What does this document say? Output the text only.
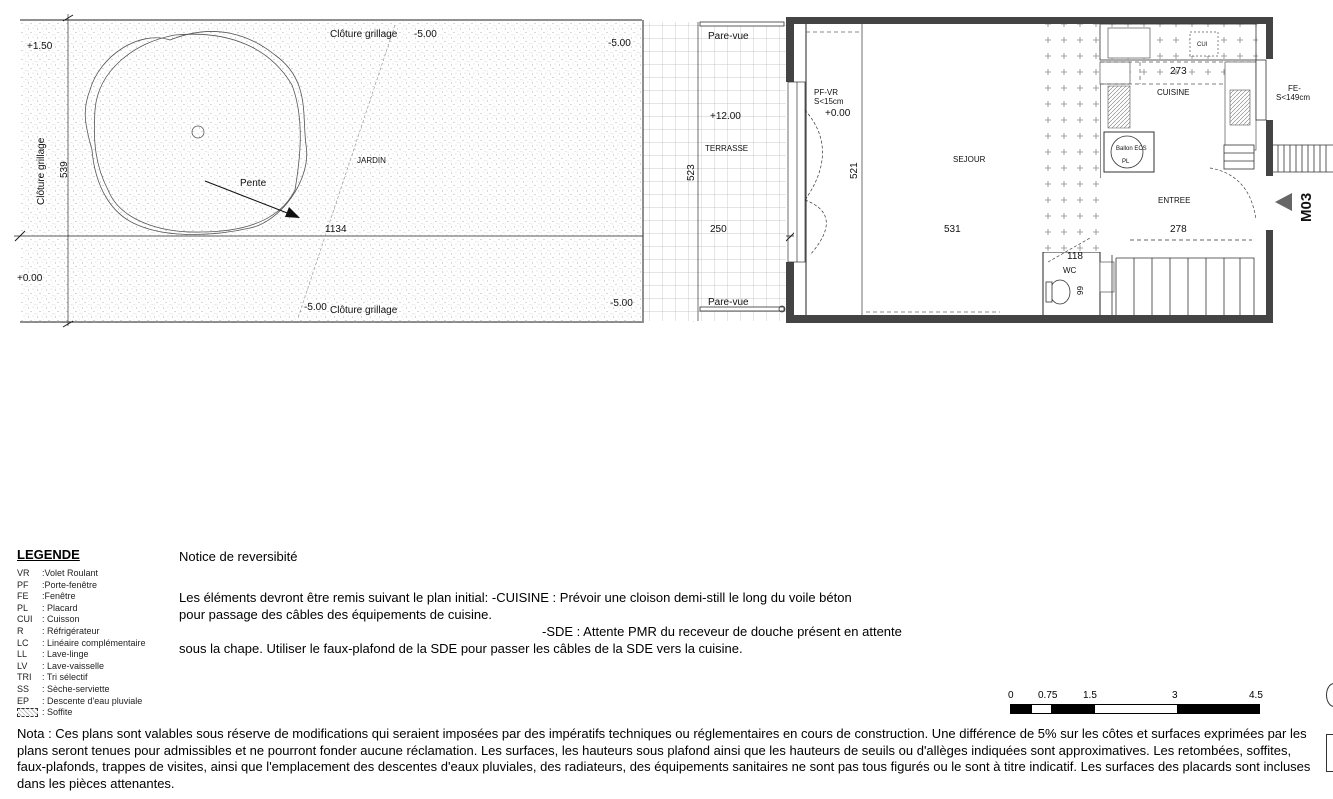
+1.50
+0.00
Clôture grillage -5.00
-5.00
Clôture grillage
-5.00	-5.00
Clôture grillage 539
JARDIN
Pente
1134
Pare-vue
Pare-vue
+12.00
TERRASSE
523
250
PF-VR
S<15cm
+0.00
521
SEJOUR
531
CUI
273
CUISINE
Ballon ECS
PL
FE-
S<149cm
ENTREE
278
M03
118
WC
99
LEGENDE
VR	:Volet Roulant
PF	:Porte-fenêtre
FE	:Fenêtre
PL	: Placard
CUI	: Cuisson
R	: Réfrigérateur
LC	: Linéaire complémentaire
LL	: Lave-linge
LV	: Lave-vaisselle
TRI	: Tri sélectif
SS	: Sèche-serviette
EP	: Descente d'eau pluviale
: Soffite
Notice de reversibité

Les éléments devront être remis suivant le plan initial: -CUISINE : Prévoir une cloison demi-still le long du voile béton

pour passage des câbles des équipements de cuisine.

-SDE : Attente PMR du receveur de douche présent en attente

sous la chape. Utiliser le faux-plafond de la SDE pour passer les câbles de la SDE vers la cuisine.

0 0.75	1.5	3	4.5
Nota : Ces plans sont valables sous réserve de modifications qui seraient imposées par des impératifs techniques ou réglementaires en cours de construction. Une différence de 5% sur les côtes et surfaces exprimées par les plans seront tenues pour admissibles et ne pourront fonder aucune réclamation. Les surfaces, les hauteurs sous plafond ainsi que les hauteurs de seuils ou d'allèges indiquées sont approximatives. Les retombées, soffites, faux-plafonds, trappes de visites, ainsi que l'emplacement des descentes d'eaux pluviales, des radiateurs, des équipements sanitaires ne sont pas tous figurés ou le sont à titre indicatif. Les surfaces des placards sont incluses dans les pièces attenantes.
